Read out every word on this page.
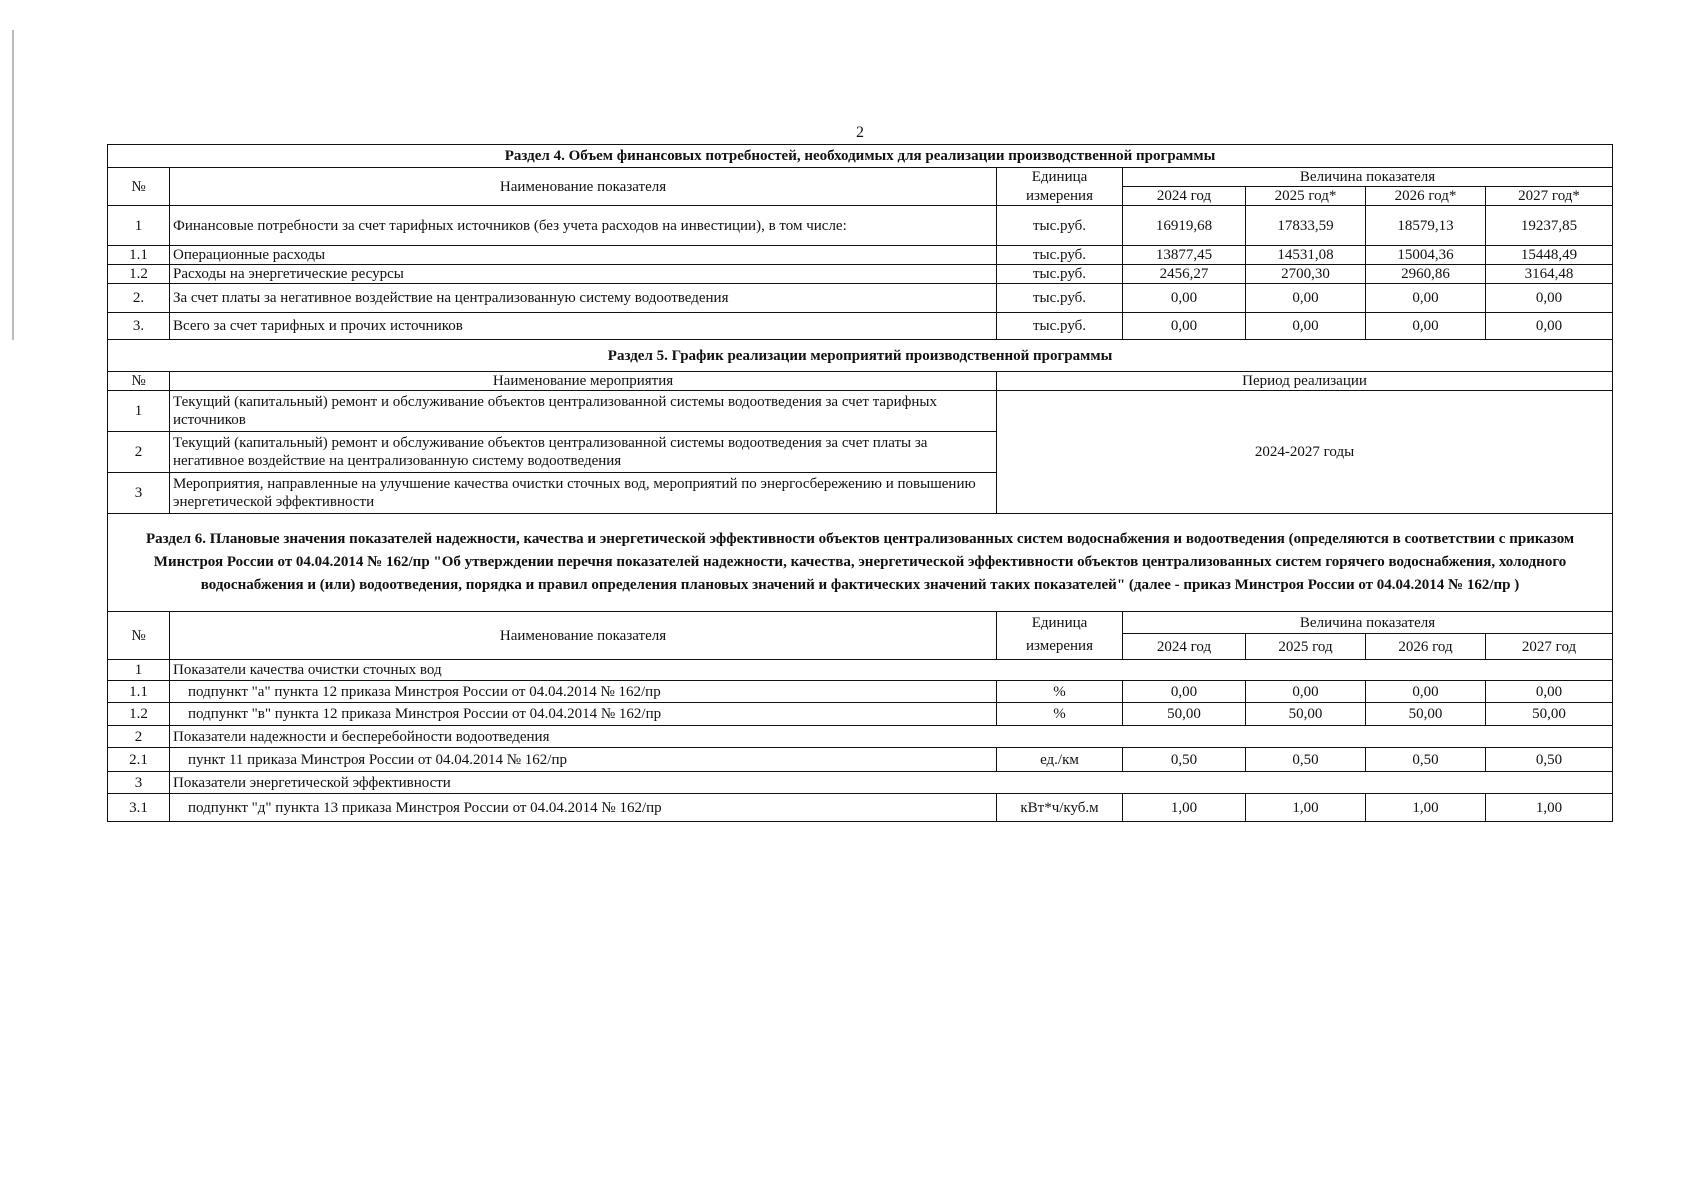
2
Раздел 4. Объем финансовых потребностей, необходимых для реализации производственной программы						
№	Наименование показателя	Единица	Величина показателя			
		измерения	2024 год	2025 год*	2026 год*	2027 год*
1	Финансовые потребности за счет тарифных источников (без учета расходов на инвестиции), в том числе:	тыс.руб.	16919,68	17833,59	18579,13	19237,85
1.1	Операционные расходы	тыс.руб.	13877,45	14531,08	15004,36	15448,49
1.2	Расходы на энергетические ресурсы	тыс.руб.	2456,27	2700,30	2960,86	3164,48
2.	За счет платы за негативное воздействие на централизованную систему водоотведения	тыс.руб.	0,00	0,00	0,00	0,00
3.	Всего за счет тарифных и прочих источников	тыс.руб.	0,00	0,00	0,00	0,00
Раздел 5. График реализации мероприятий производственной программы						
№	Наименование мероприятия	Период реализации				
1	Текущий (капитальный) ремонт и обслуживание объектов централизованной системы водоотведения за счет тарифных источников	2024-2027 годы				
2	Текущий (капитальный) ремонт и обслуживание объектов централизованной системы водоотведения за счет платы за негативное воздействие на централизованную систему водоотведения					
3	Мероприятия, направленные на улучшение качества очистки сточных вод, мероприятий по энергосбережению и повышению энергетической эффективности					
Раздел 6. Плановые значения показателей надежности, качества и энергетической эффективности объектов централизованных систем водоснабжения и водоотведения (определяются в соответствии с приказом Минстроя России от 04.04.2014 № 162/пр "Об утверждении перечня показателей надежности, качества, энергетической эффективности объектов централизованных систем горячего водоснабжения, холодного водоснабжения и (или) водоотведения, порядка и правил определения плановых значений и фактических значений таких показателей" (далее - приказ Минстроя России от 04.04.2014 № 162/пр )						
№	Наименование показателя	Единица	Величина показателя			
		измерения	2024 год	2025 год	2026 год	2027 год
1	Показатели качества очистки сточных вод					
1.1	подпункт "а" пункта 12 приказа Минстроя России от 04.04.2014 № 162/пр	%	0,00	0,00	0,00	0,00
1.2	подпункт "в" пункта 12 приказа Минстроя России от 04.04.2014 № 162/пр	%	50,00	50,00	50,00	50,00
2	Показатели надежности и бесперебойности водоотведения					
2.1	пункт 11 приказа Минстроя России от 04.04.2014 № 162/пр	ед./км	0,50	0,50	0,50	0,50
3	Показатели энергетической эффективности					
3.1	подпункт "д" пункта 13 приказа Минстроя России от 04.04.2014 № 162/пр	кВт*ч/куб.м	1,00	1,00	1,00	1,00
